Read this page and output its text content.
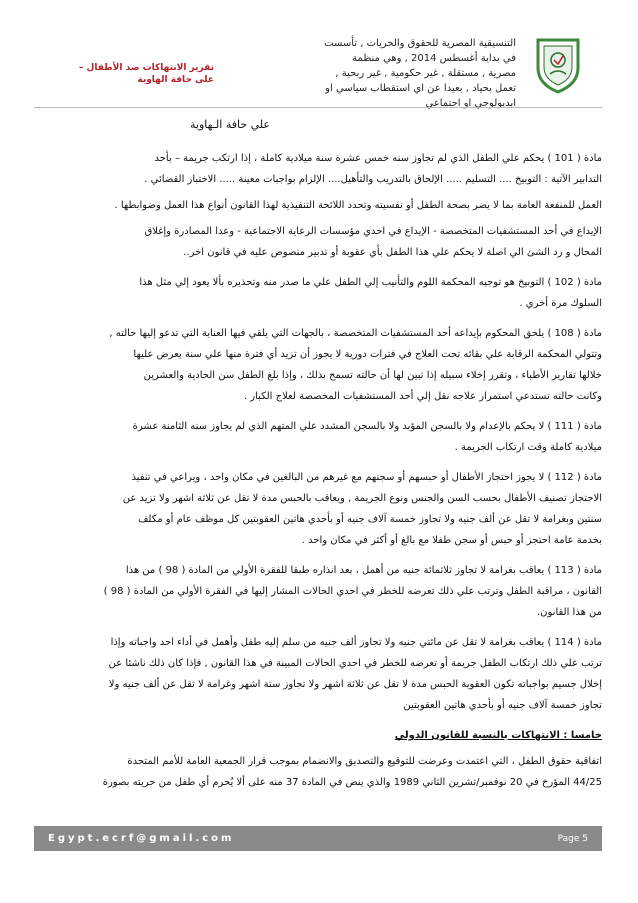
التنسيقية المصرية للحقوق والحريات , تأسست
في بداية أغسطس 2014 , وهي منظمة
مصرية , مستقلة , غير حكومية , غير ربحية ,
تعمل بحياد , بعيدا عن اي استقطاب سياسي او
ايديولوجي او اجتماعي
تقرير الانتهاكات ضد الأطفال – على حافة الهاوية
علي حافة الـهاوية
مادة ( 101 ) يحكم علي الطفل الذي لم تجاوز سنه خمس عشرة سنة ميلادية كاملة ، إذا ارتكب جريمة – بأحد
التدابير الآتية : التوبيخ .... التسليم ..... الإلحاق بالتدريب والتأهيل.... الإلزام بواجبات معينة ..... الاختبار القضائي .
العمل للمنفعة العامة بما لا يضر بصحة الطفل أو نفسيته وتحدد اللائحة التنفيذية لهذا القانون أنواع هذا العمل وضوابطها .
الإيداع في أحد المستشفيات المتخصصة - الإيداع في احدي مؤسسات الرعاية الاجتماعية - وعدا المصادرة وإغلاق
المحال و رد الشئ الي اصلة لا يحكم علي هذا الطفل بأي عقوبة أو تدبير منصوص عليه في قانون اخر..
مادة ( 102 ) التوبيخ هو توجيه المحكمة اللوم والتأنيب إلي الطفل علي ما صدر منه وتحذيره بألا يعود إلي مثل هذا
السلوك مرة أخري .
مادة ( 108 ) يلحق المحكوم بإيداعه أحد المستشفيات المتخصصة ، بالجهات التي يلقي فيها العناية التي تدعو إليها حالته ,
وتتولي المحكمة الرقابة علي بقائه تحت العلاج في فترات دورية لا يجوز أن تزيد أي فترة منها علي سنة يعرض عليها
خلالها تقارير الأطباء ، وتقرر إخلاء سبيله إذا تبين لها أن حالته تسمح بذلك ، وإذا بلغ الطفل سن الحادية والعشرين
وكانت حالته تستدعي استمرار علاجه نقل إلي أحد المستشفيات المخصصة لعلاج الكبار .
مادة ( 111 ) لا يحكم بالإعدام ولا بالسجن المؤبد ولا بالسجن المشدد علي المتهم الذي لم يجاوز سنه الثامنة عشرة
ميلادية كاملة وقت ارتكاب الجريمة .
مادة ( 112 ) لا يجوز احتجاز الأطفال أو حبسهم أو سجنهم مع غيرهم من البالغين في مكان واحد ، ويراعي في تنفيذ
الاحتجاز تصنيف الأطفال بحسب السن والجنس ونوع الجريمة , ويعاقب بالحبس مدة لا تقل عن ثلاثة اشهر ولا تزيد عن
سنتين وبغرامة لا تقل عن ألف جنيه ولا تجاوز خمسة آلاف جنيه أو بأحدي هاتين العقوبتين كل موظف عام أو مكلف
بخدمة عامة احتجز أو حبس أو سجن طفلا مع بالغ أو أكثر في مكان واحد .
مادة ( 113 ) يعاقب بغرامة لا تجاوز ثلاثمائة جنيه من أهمل ، بعد انذاره طبقا للفقرة الأولي من المادة ( 98 ) من هذا
القانون ، مراقبة الطفل وترتب علي ذلك تعرضه للخطر في احدي الحالات المشار إليها في الفقرة الأولي من المادة ( 98 )
من هذا القانون.
مادة ( 114 ) يعاقب بغرامة لا تقل عن مائتي جنيه ولا تجاوز ألف جنيه من سلم إليه طفل وأهمل في أداء احد واجباته وإذا
ترتب علي ذلك ارتكاب الطفل جريمة أو تعرضه للخطر في احدي الحالات المبينة في هذا القانون , فإذا كان ذلك ناشئا عن
إخلال جسيم بواجباته تكون العقوبة الحبس مدة لا تقل عن ثلاثة اشهر ولا تجاوز ستة اشهر وغرامة لا تقل عن ألف جنيه ولا
تجاوز خمسة آلاف جنيه أو بأحدي هاتين العقوبتين
خامسا : الانتهاكات بالنسبة للقانون الدولي
اتفاقية حقوق الطفل ، التي اعتمدت وعرضت للتوقيع والتصديق والانضمام بموجب قرار الجمعية العامة للأمم المتحدة
44/25 المؤرخ في 20 نوفمبر/تشرين الثاني 1989 والذي ينص في المادة 37 منه على ألا يُحرم أي طفل من حريته بصورة
Egypt.ecrf@gmail.com	Page 5
